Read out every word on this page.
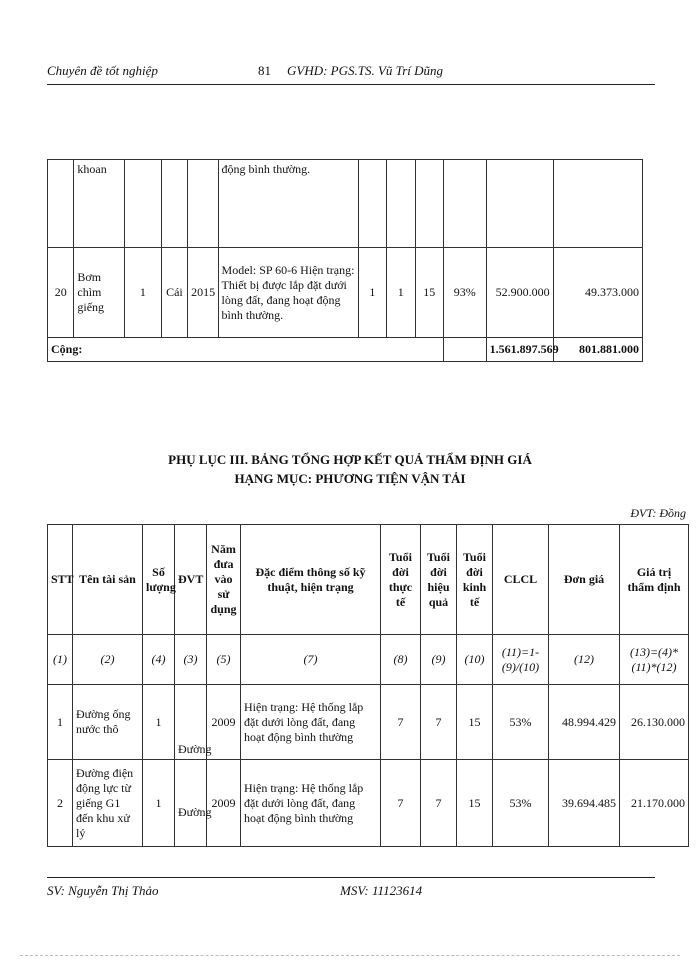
Chuyên đề tốt nghiệp	81 GVHD: PGS.TS. Vũ Trí Dũng
	khoan				động bình thường.						
20	Bơm chìm giếng	1	Cái	2015	Model: SP 60-6 Hiện trạng: Thiết bị được lắp đặt dưới lòng đất, đang hoạt động bình thường.	1	1	15	93%	52.900.000	49.373.000
Cộng:										1.561.897.569	801.881.000
PHỤ LỤC III. BẢNG TỔNG HỢP KẾT QUẢ THẨM ĐỊNH GIÁ
HẠNG MỤC: PHƯƠNG TIỆN VẬN TẢI
ĐVT: Đồng
STT	Tên tài sản	Số lượng	ĐVT	Năm đưa vào sử dụng	Đặc điểm thông số kỹ thuật, hiện trạng	Tuổi đời thực tế	Tuổi đời hiệu quả	Tuổi đời kinh tế	CLCL	Đơn giá	Giá trị thẩm định
(1)	(2)	(4)	(3)	(5)	(7)	(8)	(9)	(10)	(11)=1-(9)/(10)	(12)	(13)=(4)*(11)*(12)
1	Đường ống nước thô	1	Đường	2009	Hiện trạng: Hệ thống lắp đặt dưới lòng đất, đang hoạt động bình thường	7	7	15	53%	48.994.429	26.130.000
2	Đường điện động lực từ giếng G1 đến khu xử lý	1	Đường	2009	Hiện trạng: Hệ thống lắp đặt dưới lòng đất, đang hoạt động bình thường	7	7	15	53%	39.694.485	21.170.000
SV: Nguyễn Thị Thảo	MSV: 11123614
